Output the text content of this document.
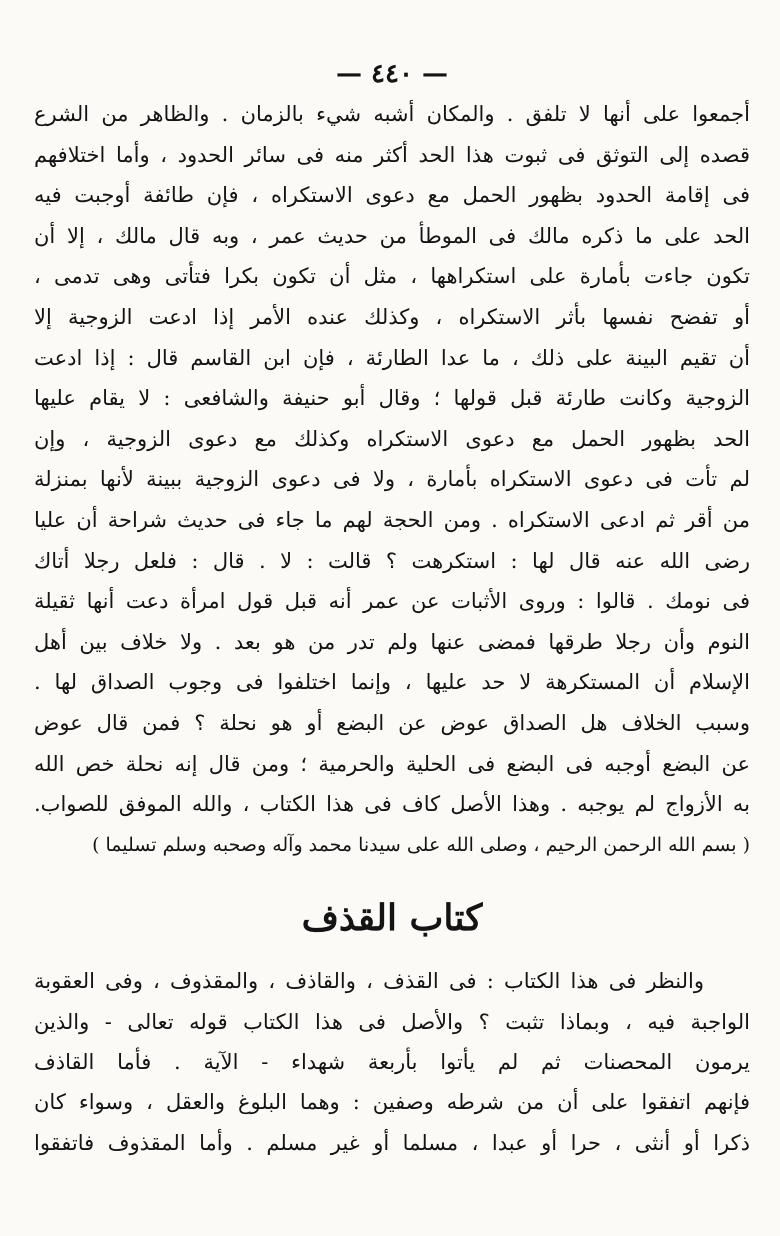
— ٤٤٠ —
أجمعوا على أنها لا تلفق . والمكان أشبه شيء بالزمان . والظاهر من الشرع
قصده إلى التوثق فى ثبوت هذا الحد أكثر منه فى سائر الحدود ، وأما اختلافهم
فى إقامة الحدود بظهور الحمل مع دعوى الاستكراه ، فإن طائفة أوجبت فيه
الحد على ما ذكره مالك فى الموطأ من حديث عمر ، وبه قال مالك ، إلا أن
تكون جاءت بأمارة على استكراهها ، مثل أن تكون بكرا فتأتى وهى تدمى ،
أو تفضح نفسها بأثر الاستكراه ، وكذلك عنده الأمر إذا ادعت الزوجية إلا
أن تقيم البينة على ذلك ، ما عدا الطارئة ، فإن ابن القاسم قال : إذا ادعت
الزوجية وكانت طارئة قبل قولها ؛ وقال أبو حنيفة والشافعى : لا يقام عليها
الحد بظهور الحمل مع دعوى الاستكراه وكذلك مع دعوى الزوجية ، وإن
لم تأت فى دعوى الاستكراه بأمارة ، ولا فى دعوى الزوجية ببينة لأنها بمنزلة
من أقر ثم ادعى الاستكراه . ومن الحجة لهم ما جاء فى حديث شراحة أن عليا
رضى الله عنه قال لها : استكرهت ؟ قالت : لا . قال : فلعل رجلا أتاك
فى نومك . قالوا : وروى الأثبات عن عمر أنه قبل قول امرأة دعت أنها ثقيلة
النوم وأن رجلا طرقها فمضى عنها ولم تدر من هو بعد . ولا خلاف بين أهل
الإسلام أن المستكرهة لا حد عليها ، وإنما اختلفوا فى وجوب الصداق لها .
وسبب الخلاف هل الصداق عوض عن البضع أو هو نحلة ؟ فمن قال عوض
عن البضع أوجبه فى البضع فى الحلية والحرمية ؛ ومن قال إنه نحلة خص الله
به الأزواج لم يوجبه . وهذا الأصل كاف فى هذا الكتاب ، والله الموفق للصواب.
( بسم الله الرحمن الرحيم ، وصلى الله على سيدنا محمد وآله وصحبه وسلم تسليما )
كتاب القذف
والنظر فى هذا الكتاب : فى القذف ، والقاذف ، والمقذوف ، وفى العقوبة
الواجبة فيه ، وبماذا تثبت ؟ والأصل فى هذا الكتاب قوله تعالى - والذين
يرمون المحصنات ثم لم يأتوا بأربعة شهداء - الآية . فأما القاذف
فإنهم اتفقوا على أن من شرطه وصفين : وهما البلوغ والعقل ، وسواء كان
ذكرا أو أنثى ، حرا أو عبدا ، مسلما أو غير مسلم . وأما المقذوف فاتفقوا
